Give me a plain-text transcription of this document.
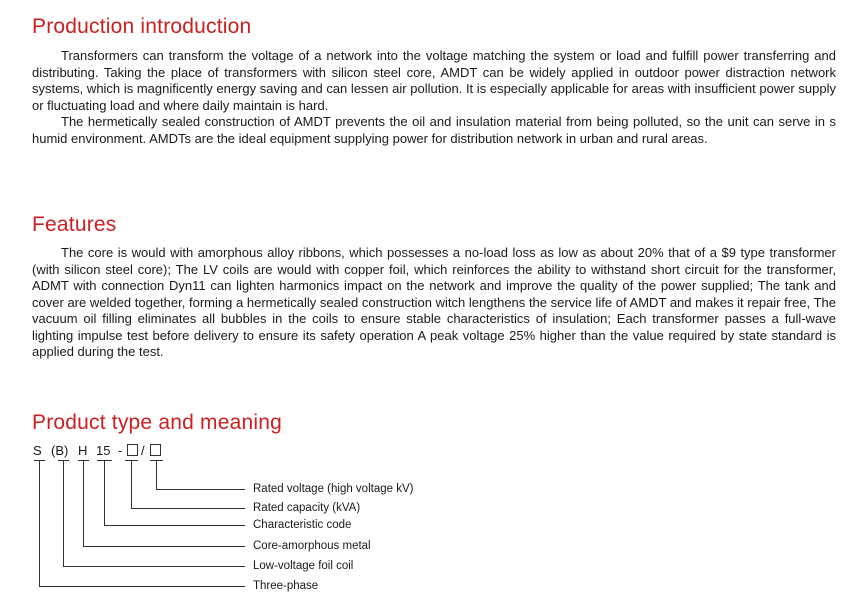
Production introduction

Transformers can transform the voltage of a network into the voltage matching the system or load and fulfill power transferring and distributing. Taking the place of transformers with silicon steel core, AMDT can be widely applied in outdoor power distraction network systems, which is magnificently energy saving and can lessen air pollution. It is especially applicable for areas with insufficient power supply or fluctuating load and where daily maintain is hard.

The hermetically sealed construction of AMDT prevents the oil and insulation material from being polluted, so the unit can serve in s humid environment. AMDTs are the ideal equipment supplying power for distribution network in urban and rural areas.

Features

The core is would with amorphous alloy ribbons, which possesses a no-load loss as low as about 20% that of a $9 type transformer (with silicon steel core); The LV coils are would with copper foil, which reinforces the ability to withstand short circuit for the transformer, ADMT with connection Dyn11 can lighten harmonics impact on the network and improve the quality of the power supplied; The tank and cover are welded together, forming a hermetically sealed construction witch lengthens the service life of AMDT and makes it repair free, The vacuum oil filling eliminates all bubbles in the coils to ensure stable characteristics of insulation; Each transformer passes a full-wave lighting impulse test before delivery to ensure its safety operation A peak voltage 25% higher than the value required by state standard is applied during the test.

Product type and meaning
S (B) H 15 - /
Rated voltage (high voltage kV)
Rated capacity (kVA)
Characteristic code
Core-amorphous metal
Low-voltage foil coil
Three-phase
